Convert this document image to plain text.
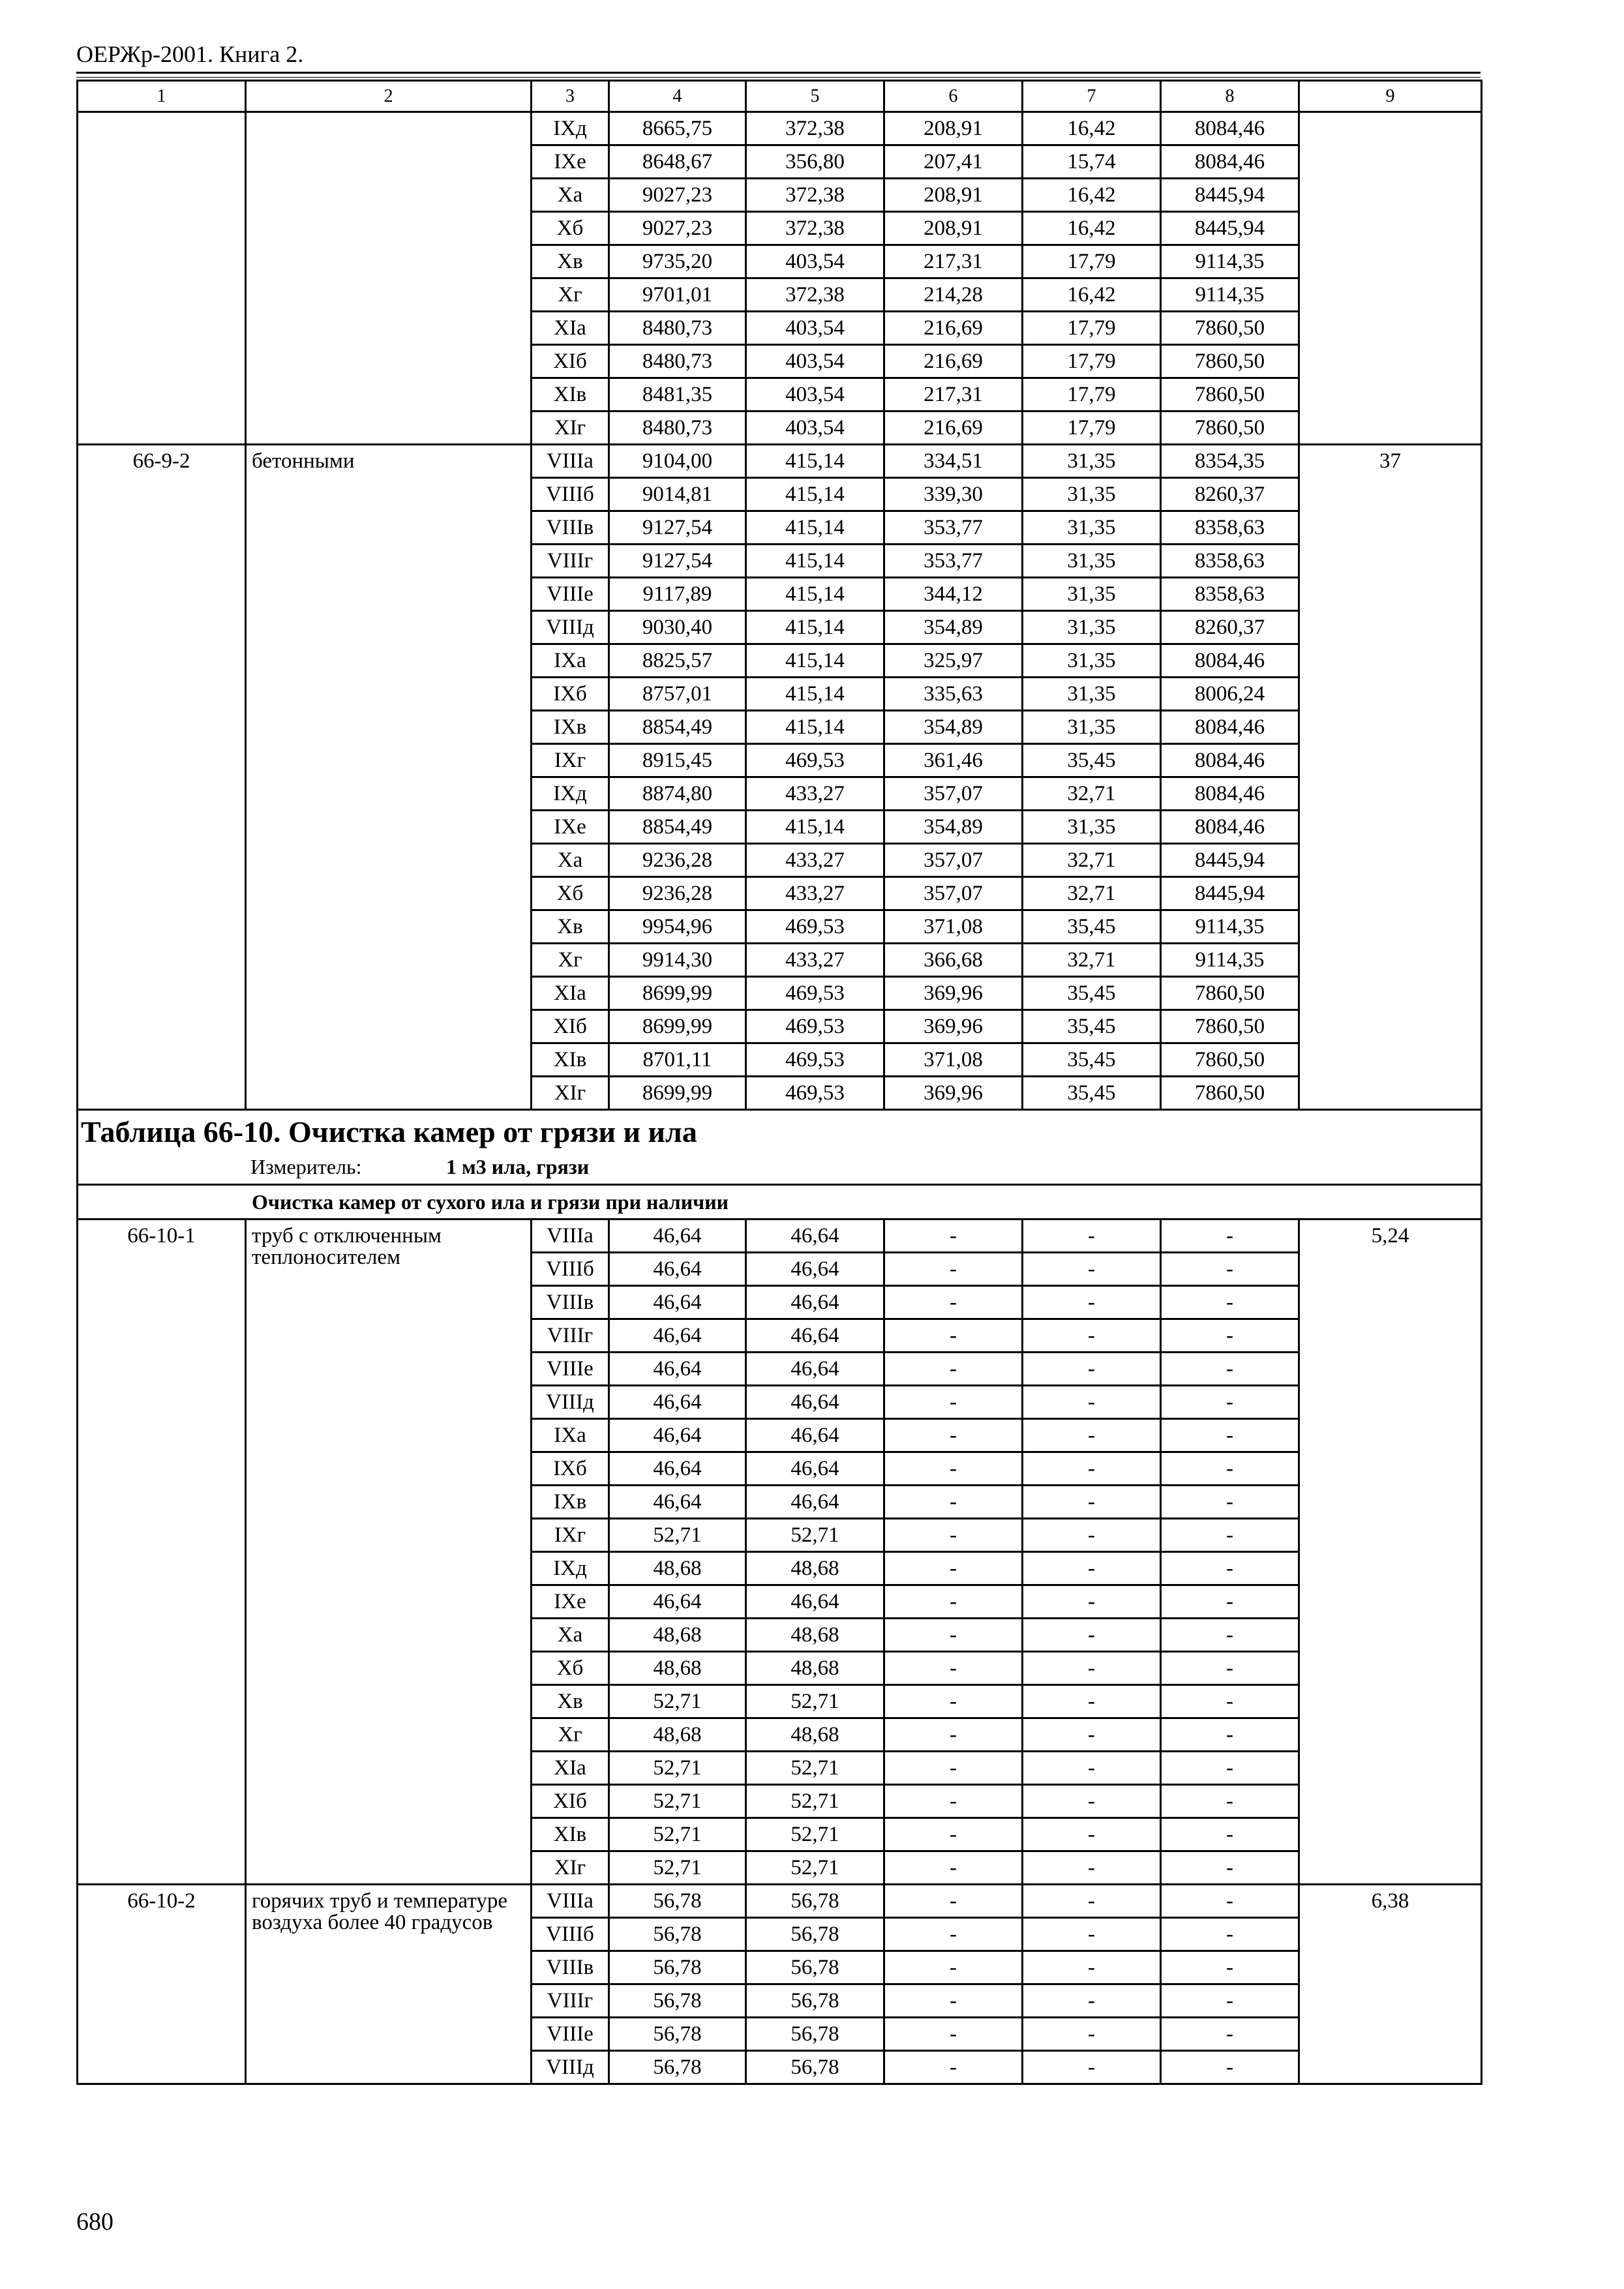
ОЕРЖр-2001. Книга 2.
1	2	3	4	5	6	7	8	9
		IXд	8665,75	372,38	208,91	16,42	8084,46	
		IXе	8648,67	356,80	207,41	15,74	8084,46	
		Xа	9027,23	372,38	208,91	16,42	8445,94	
		Xб	9027,23	372,38	208,91	16,42	8445,94	
		Xв	9735,20	403,54	217,31	17,79	9114,35	
		Xг	9701,01	372,38	214,28	16,42	9114,35	
		XIа	8480,73	403,54	216,69	17,79	7860,50	
		XIб	8480,73	403,54	216,69	17,79	7860,50	
		XIв	8481,35	403,54	217,31	17,79	7860,50	
		XIг	8480,73	403,54	216,69	17,79	7860,50	
66-9-2	бетонными	VIIIа	9104,00	415,14	334,51	31,35	8354,35	37
		VIIIб	9014,81	415,14	339,30	31,35	8260,37	
		VIIIв	9127,54	415,14	353,77	31,35	8358,63	
		VIIIг	9127,54	415,14	353,77	31,35	8358,63	
		VIIIе	9117,89	415,14	344,12	31,35	8358,63	
		VIIIд	9030,40	415,14	354,89	31,35	8260,37	
		IXа	8825,57	415,14	325,97	31,35	8084,46	
		IXб	8757,01	415,14	335,63	31,35	8006,24	
		IXв	8854,49	415,14	354,89	31,35	8084,46	
		IXг	8915,45	469,53	361,46	35,45	8084,46	
		IXд	8874,80	433,27	357,07	32,71	8084,46	
		IXе	8854,49	415,14	354,89	31,35	8084,46	
		Xа	9236,28	433,27	357,07	32,71	8445,94	
		Xб	9236,28	433,27	357,07	32,71	8445,94	
		Xв	9954,96	469,53	371,08	35,45	9114,35	
		Xг	9914,30	433,27	366,68	32,71	9114,35	
		XIа	8699,99	469,53	369,96	35,45	7860,50	
		XIб	8699,99	469,53	369,96	35,45	7860,50	
		XIв	8701,11	469,53	371,08	35,45	7860,50	
		XIг	8699,99	469,53	369,96	35,45	7860,50	

Таблица 66-10. Очистка камер от грязи и ила
Измеритель: 1 м3 ила, грязи								

Очистка камер от сухого ила и грязи при наличии								
66-10-1	труб с отключенным теплоносителем	VIIIа	46,64	46,64	-	-	-	5,24
		VIIIб	46,64	46,64	-	-	-	
		VIIIв	46,64	46,64	-	-	-	
		VIIIг	46,64	46,64	-	-	-	
		VIIIе	46,64	46,64	-	-	-	
		VIIIд	46,64	46,64	-	-	-	
		IXа	46,64	46,64	-	-	-	
		IXб	46,64	46,64	-	-	-	
		IXв	46,64	46,64	-	-	-	
		IXг	52,71	52,71	-	-	-	
		IXд	48,68	48,68	-	-	-	
		IXе	46,64	46,64	-	-	-	
		Xа	48,68	48,68	-	-	-	
		Xб	48,68	48,68	-	-	-	
		Xв	52,71	52,71	-	-	-	
		Xг	48,68	48,68	-	-	-	
		XIа	52,71	52,71	-	-	-	
		XIб	52,71	52,71	-	-	-	
		XIв	52,71	52,71	-	-	-	
		XIг	52,71	52,71	-	-	-	
66-10-2	горячих труб и температуре воздуха более 40 градусов	VIIIа	56,78	56,78	-	-	-	6,38
		VIIIб	56,78	56,78	-	-	-	
		VIIIв	56,78	56,78	-	-	-	
		VIIIг	56,78	56,78	-	-	-	
		VIIIе	56,78	56,78	-	-	-	
		VIIIд	56,78	56,78	-	-	-	
680
